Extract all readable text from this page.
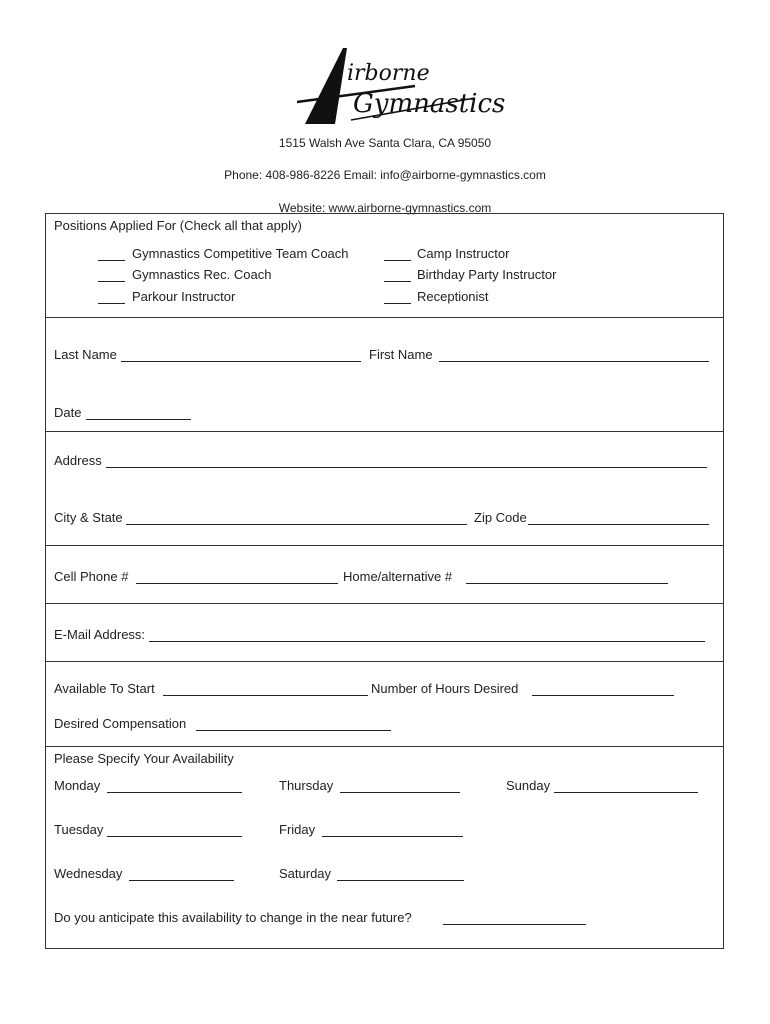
irborne
Gymnastics
1515 Walsh Ave Santa Clara, CA 95050
Phone: 408-986-8226 Email: info@airborne-gymnastics.com
Website: www.airborne-gymnastics.com
Positions Applied For (Check all that apply)
Gymnastics Competitive Team Coach
Gymnastics Rec. Coach
Parkour Instructor
Camp Instructor
Birthday Party Instructor
Receptionist
Last Name	First Name
Date
Address
City & State	Zip Code
Cell Phone #	Home/alternative #
E-Mail Address:
Available To Start	Number of Hours Desired
Desired Compensation
Please Specify Your Availability
Monday	Thursday	Sunday
Tuesday	Friday
Wednesday	Saturday
Do you anticipate this availability to change in the near future?
